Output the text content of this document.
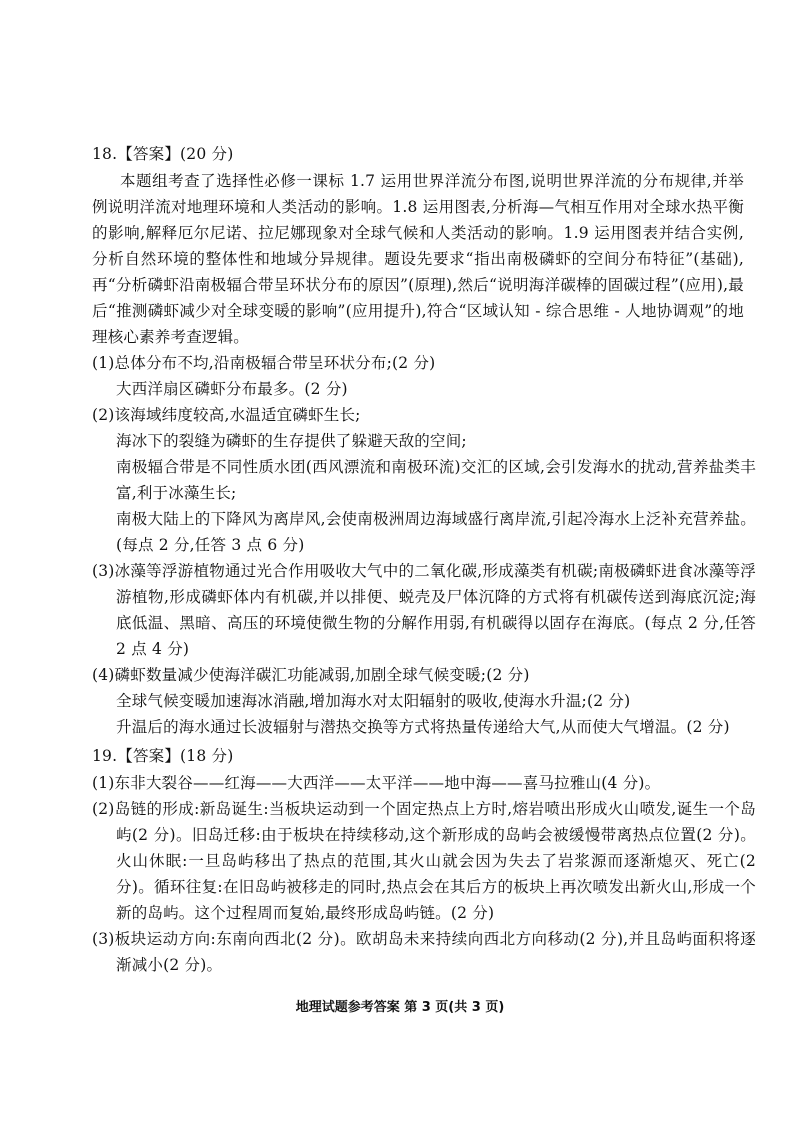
18.【答案】(20 分)
本题组考查了选择性必修一课标 1.7 运用世界洋流分布图,说明世界洋流的分布规律,并举例说明洋流对地理环境和人类活动的影响。1.8 运用图表,分析海—气相互作用对全球水热平衡的影响,解释厄尔尼诺、拉尼娜现象对全球气候和人类活动的影响。1.9 运用图表并结合实例,分析自然环境的整体性和地域分异规律。题设先要求“指出南极磷虾的空间分布特征”(基础),再“分析磷虾沿南极辐合带呈环状分布的原因”(原理),然后“说明海洋碳棒的固碳过程”(应用),最后“推测磷虾减少对全球变暖的影响”(应用提升),符合“区域认知 - 综合思维 - 人地协调观”的地理核心素养考查逻辑。
(1)总体分布不均,沿南极辐合带呈环状分布;(2 分)
大西洋扇区磷虾分布最多。(2 分)
(2)该海域纬度较高,水温适宜磷虾生长;
海冰下的裂缝为磷虾的生存提供了躲避天敌的空间;
南极辐合带是不同性质水团(西风漂流和南极环流)交汇的区域,会引发海水的扰动,营养盐类丰富,利于冰藻生长;
南极大陆上的下降风为离岸风,会使南极洲周边海域盛行离岸流,引起冷海水上泛补充营养盐。(每点 2 分,任答 3 点 6 分)
(3)冰藻等浮游植物通过光合作用吸收大气中的二氧化碳,形成藻类有机碳;南极磷虾进食冰藻等浮游植物,形成磷虾体内有机碳,并以排便、蜕壳及尸体沉降的方式将有机碳传送到海底沉淀;海底低温、黑暗、高压的环境使微生物的分解作用弱,有机碳得以固存在海底。(每点 2 分,任答 2 点 4 分)
(4)磷虾数量减少使海洋碳汇功能减弱,加剧全球气候变暖;(2 分)
全球气候变暖加速海冰消融,增加海水对太阳辐射的吸收,使海水升温;(2 分)
升温后的海水通过长波辐射与潜热交换等方式将热量传递给大气,从而使大气增温。(2 分)
19.【答案】(18 分)
(1)东非大裂谷——红海——大西洋——太平洋——地中海——喜马拉雅山(4 分)。
(2)岛链的形成:新岛诞生:当板块运动到一个固定热点上方时,熔岩喷出形成火山喷发,诞生一个岛屿(2 分)。旧岛迁移:由于板块在持续移动,这个新形成的岛屿会被缓慢带离热点位置(2 分)。火山休眠:一旦岛屿移出了热点的范围,其火山就会因为失去了岩浆源而逐渐熄灭、死亡(2 分)。循环往复:在旧岛屿被移走的同时,热点会在其后方的板块上再次喷发出新火山,形成一个新的岛屿。这个过程周而复始,最终形成岛屿链。(2 分)
(3)板块运动方向:东南向西北(2 分)。欧胡岛未来持续向西北方向移动(2 分),并且岛屿面积将逐渐减小(2 分)。
地理试题参考答案 第 3 页(共 3 页)
